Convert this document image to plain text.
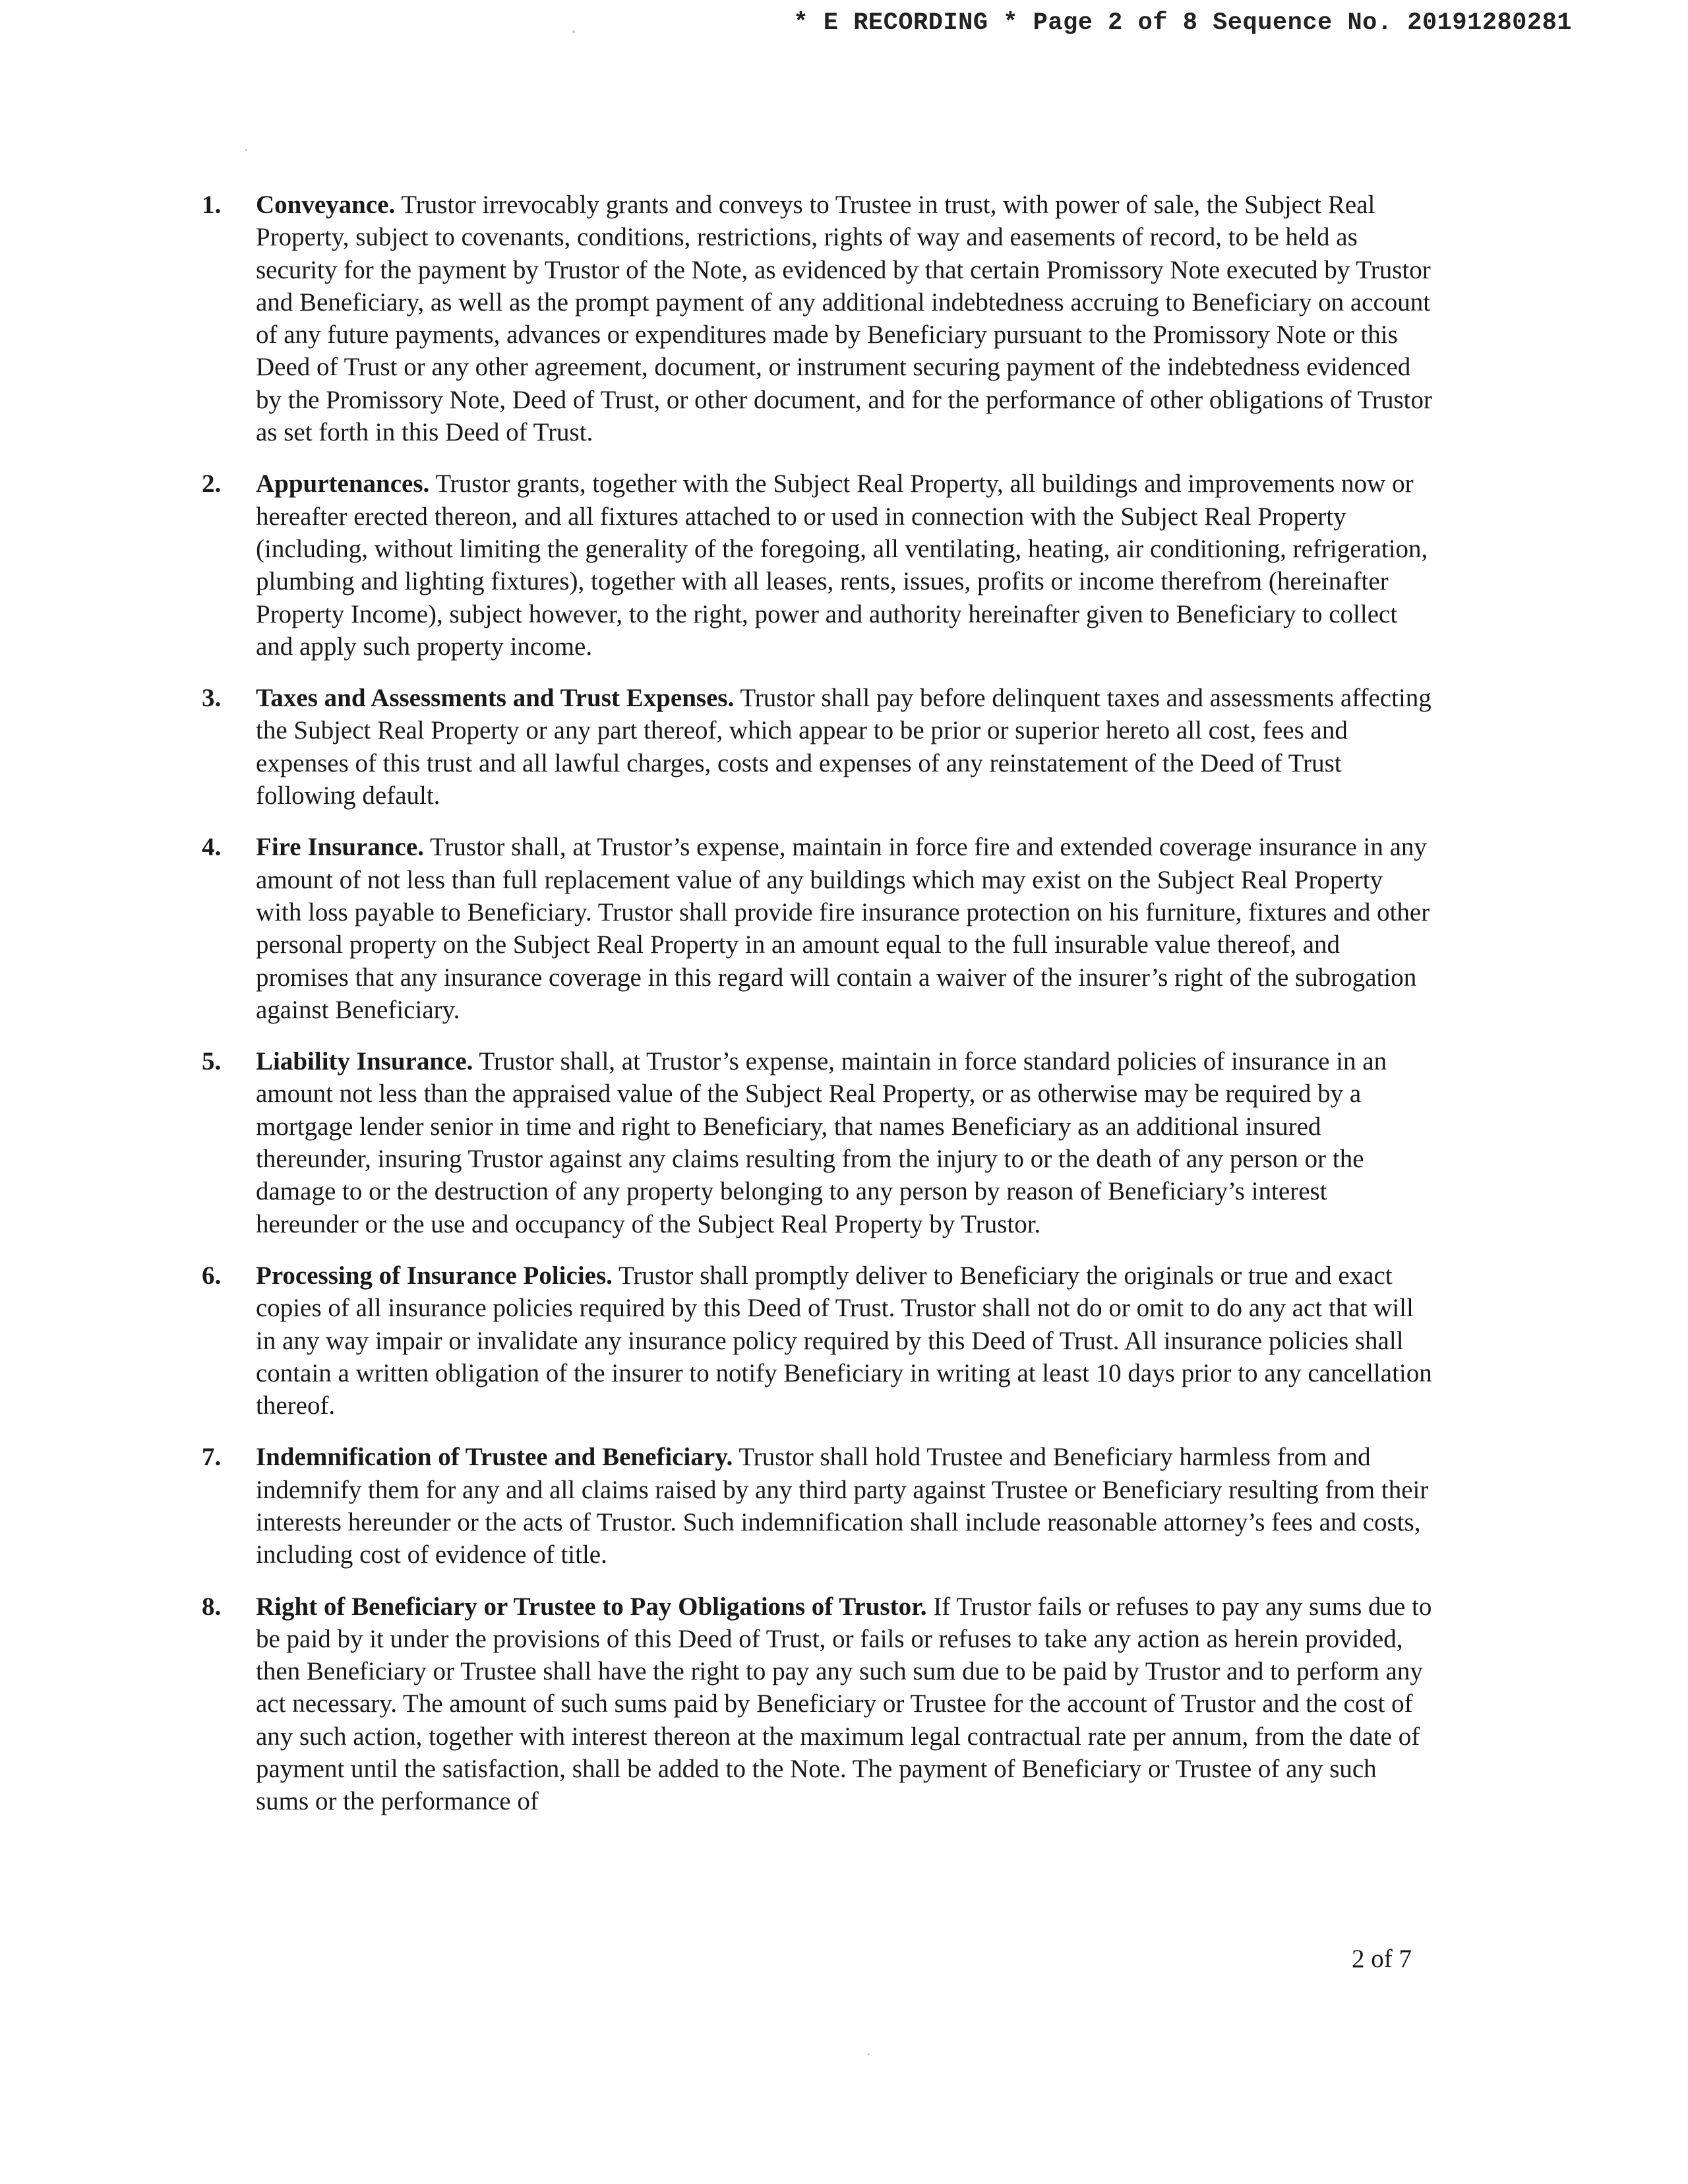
* E RECORDING * Page 2 of 8 Sequence No. 20191280281
1. Conveyance. Trustor irrevocably grants and conveys to Trustee in trust, with power of sale, the Subject Real Property, subject to covenants, conditions, restrictions, rights of way and easements of record, to be held as security for the payment by Trustor of the Note, as evidenced by that certain Promissory Note executed by Trustor and Beneficiary, as well as the prompt payment of any additional indebtedness accruing to Beneficiary on account of any future payments, advances or expenditures made by Beneficiary pursuant to the Promissory Note or this Deed of Trust or any other agreement, document, or instrument securing payment of the indebtedness evidenced by the Promissory Note, Deed of Trust, or other document, and for the performance of other obligations of Trustor as set forth in this Deed of Trust.
2. Appurtenances. Trustor grants, together with the Subject Real Property, all buildings and improvements now or hereafter erected thereon, and all fixtures attached to or used in connection with the Subject Real Property (including, without limiting the generality of the foregoing, all ventilating, heating, air conditioning, refrigeration, plumbing and lighting fixtures), together with all leases, rents, issues, profits or income therefrom (hereinafter Property Income), subject however, to the right, power and authority hereinafter given to Beneficiary to collect and apply such property income.
3. Taxes and Assessments and Trust Expenses. Trustor shall pay before delinquent taxes and assessments affecting the Subject Real Property or any part thereof, which appear to be prior or superior hereto all cost, fees and expenses of this trust and all lawful charges, costs and expenses of any reinstatement of the Deed of Trust following default.
4. Fire Insurance. Trustor shall, at Trustor’s expense, maintain in force fire and extended coverage insurance in any amount of not less than full replacement value of any buildings which may exist on the Subject Real Property with loss payable to Beneficiary. Trustor shall provide fire insurance protection on his furniture, fixtures and other personal property on the Subject Real Property in an amount equal to the full insurable value thereof, and promises that any insurance coverage in this regard will contain a waiver of the insurer’s right of the subrogation against Beneficiary.
5. Liability Insurance. Trustor shall, at Trustor’s expense, maintain in force standard policies of insurance in an amount not less than the appraised value of the Subject Real Property, or as otherwise may be required by a mortgage lender senior in time and right to Beneficiary, that names Beneficiary as an additional insured thereunder, insuring Trustor against any claims resulting from the injury to or the death of any person or the damage to or the destruction of any property belonging to any person by reason of Beneficiary’s interest hereunder or the use and occupancy of the Subject Real Property by Trustor.
6. Processing of Insurance Policies. Trustor shall promptly deliver to Beneficiary the originals or true and exact copies of all insurance policies required by this Deed of Trust. Trustor shall not do or omit to do any act that will in any way impair or invalidate any insurance policy required by this Deed of Trust. All insurance policies shall contain a written obligation of the insurer to notify Beneficiary in writing at least 10 days prior to any cancellation thereof.
7. Indemnification of Trustee and Beneficiary. Trustor shall hold Trustee and Beneficiary harmless from and indemnify them for any and all claims raised by any third party against Trustee or Beneficiary resulting from their interests hereunder or the acts of Trustor. Such indemnification shall include reasonable attorney’s fees and costs, including cost of evidence of title.
8. Right of Beneficiary or Trustee to Pay Obligations of Trustor. If Trustor fails or refuses to pay any sums due to be paid by it under the provisions of this Deed of Trust, or fails or refuses to take any action as herein provided, then Beneficiary or Trustee shall have the right to pay any such sum due to be paid by Trustor and to perform any act necessary. The amount of such sums paid by Beneficiary or Trustee for the account of Trustor and the cost of any such action, together with interest thereon at the maximum legal contractual rate per annum, from the date of payment until the satisfaction, shall be added to the Note. The payment of Beneficiary or Trustee of any such sums or the performance of
2 of 7
